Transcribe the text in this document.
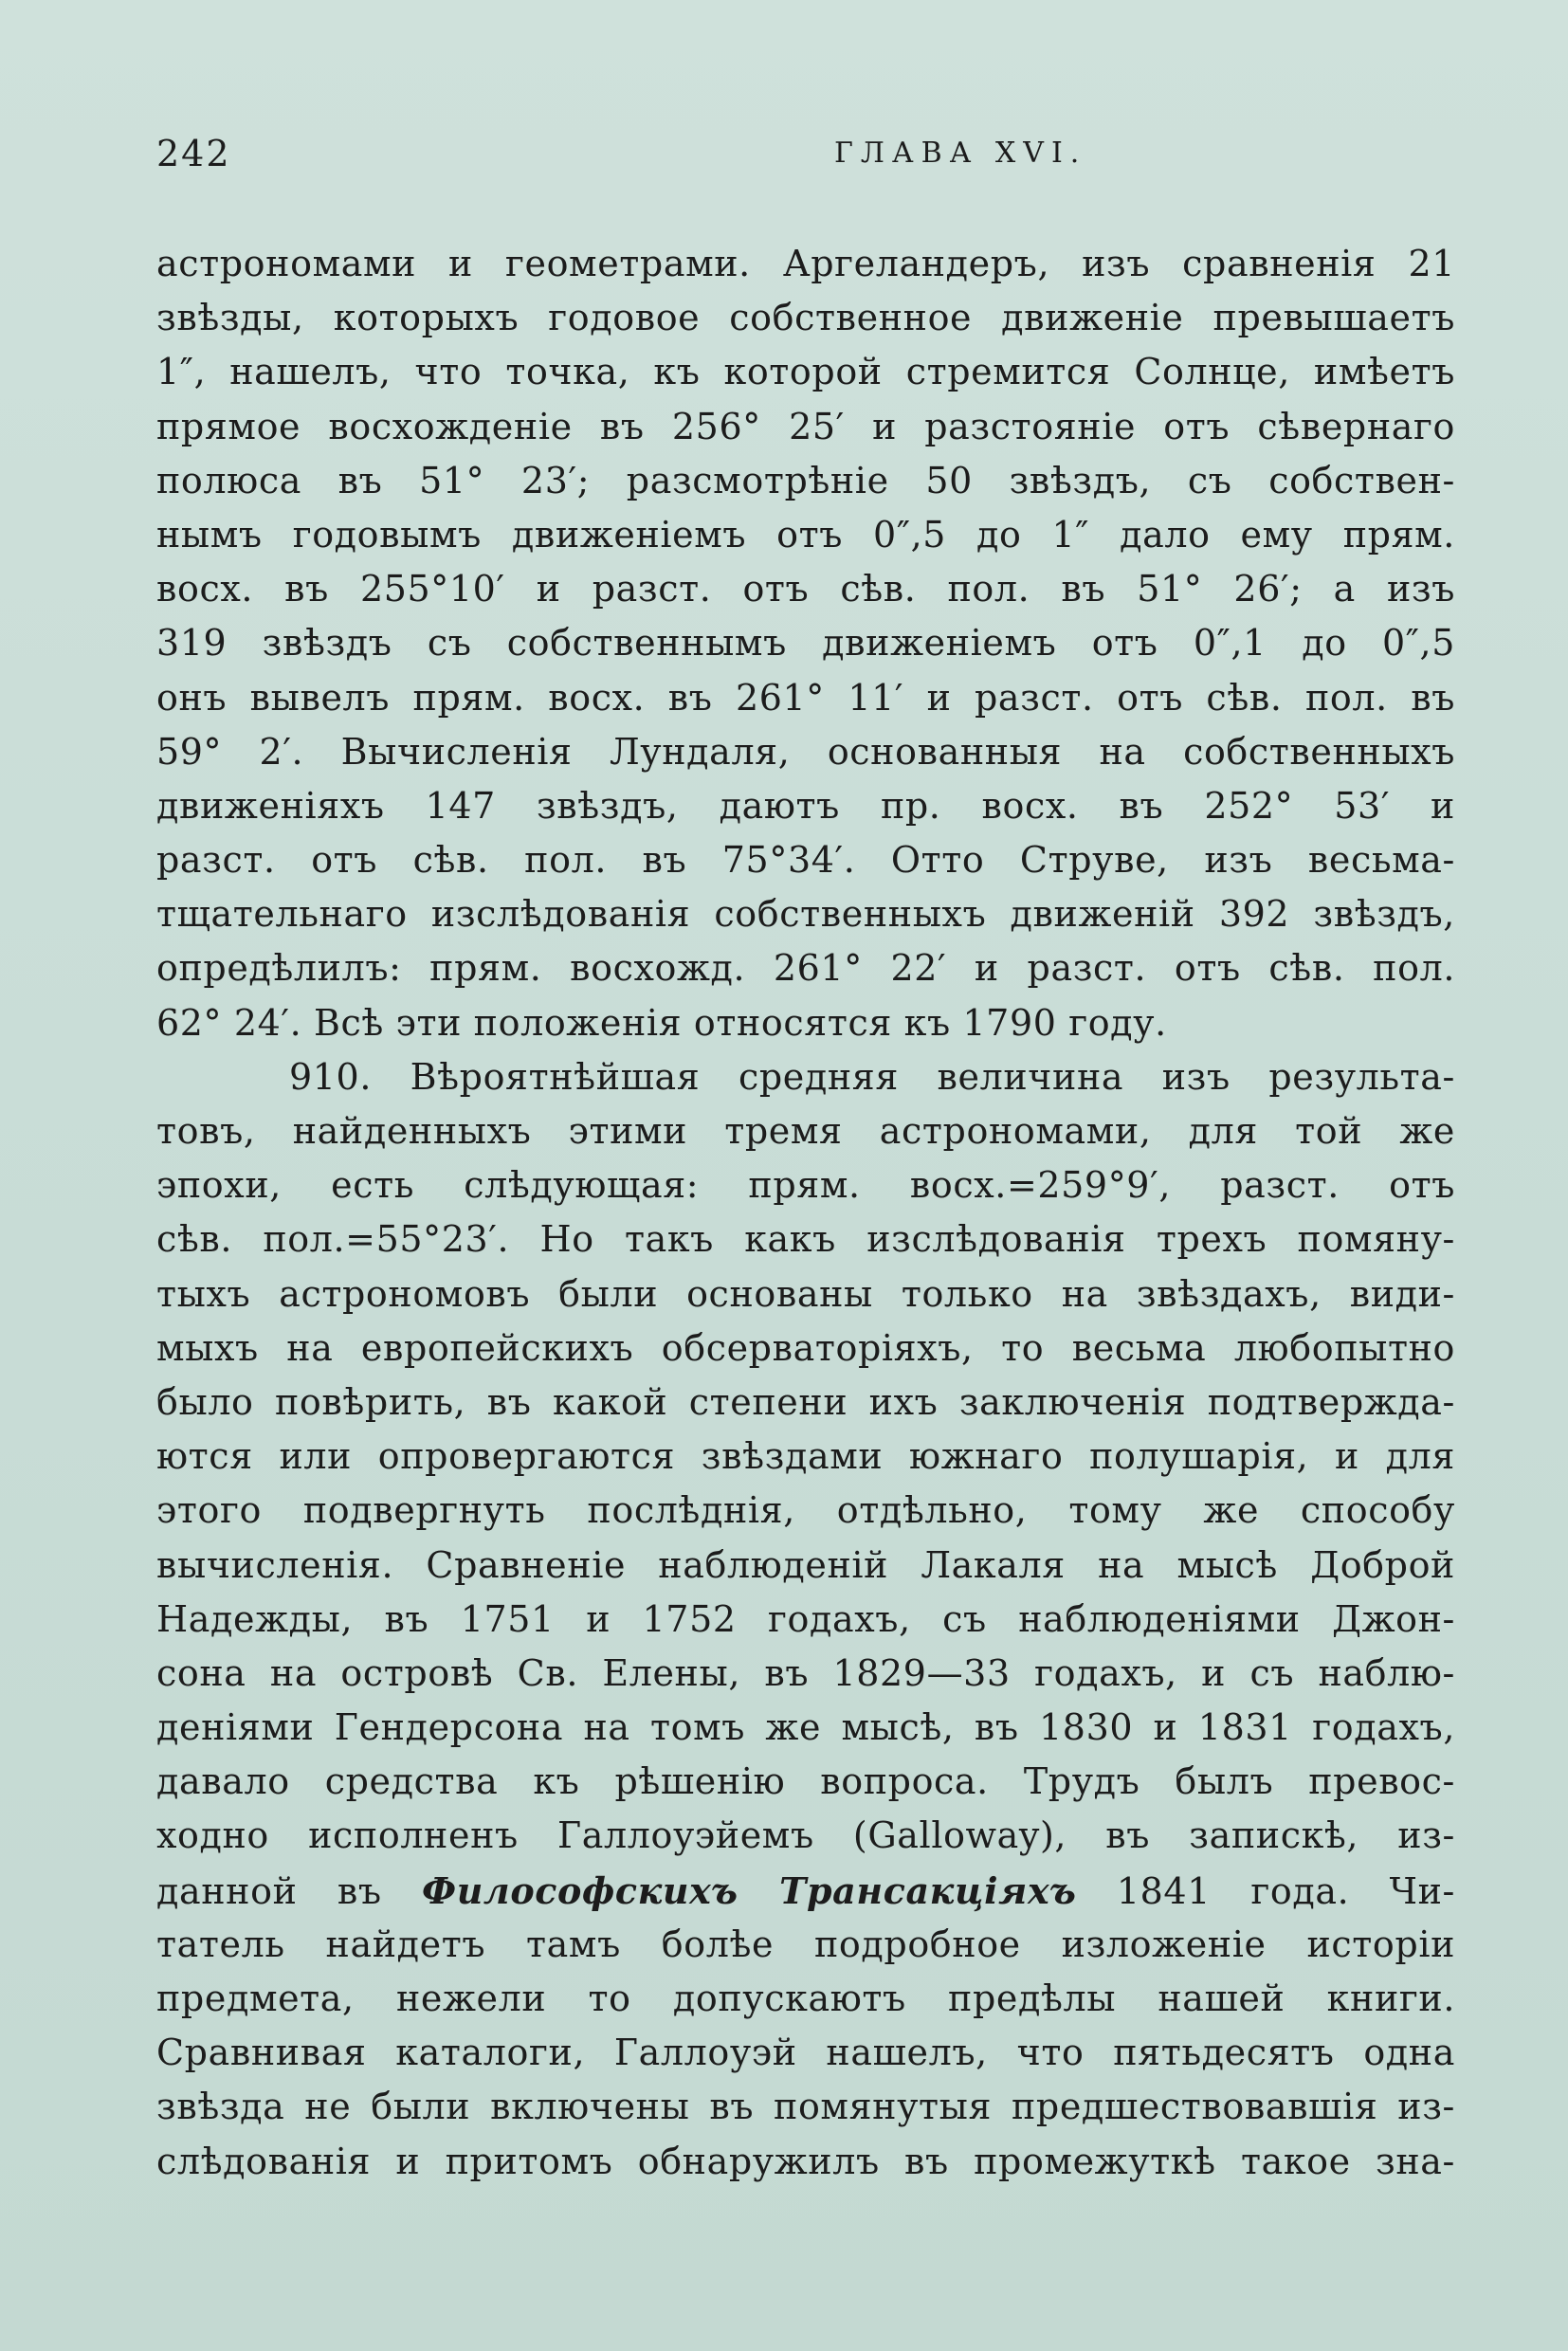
242	ГЛАВА XVI.
астрономами и геометрами. Аргеландеръ, изъ сравненія 21
звѣзды, которыхъ годовое собственное движеніе превышаетъ
1″, нашелъ, что точка, къ которой стремится Солнце, имѣетъ
прямое восхожденіе въ 256° 25′ и разстояніе отъ сѣвернаго
полюса въ 51° 23′; разсмотрѣніе 50 звѣздъ, съ собствен-
нымъ годовымъ движеніемъ отъ 0″,5 до 1″ дало ему прям.
восх. въ 255°10′ и разст. отъ сѣв. пол. въ 51° 26′; а изъ
319 звѣздъ съ собственнымъ движеніемъ отъ 0″,1 до 0″,5
онъ вывелъ прям. восх. въ 261° 11′ и разст. отъ сѣв. пол. въ
59° 2′. Вычисленія Лундаля, основанныя на собственныхъ
движеніяхъ 147 звѣздъ, даютъ пр. восх. въ 252° 53′ и
разст. отъ сѣв. пол. въ 75°34′. Отто Струве, изъ весьма-
тщательнаго изслѣдованія собственныхъ движеній 392 звѣздъ,
опредѣлилъ: прям. восхожд. 261° 22′ и разст. отъ сѣв. пол.
62° 24′. Всѣ эти положенія относятся къ 1790 году.
910. Вѣроятнѣйшая средняя величина изъ результа-
товъ, найденныхъ этими тремя астрономами, для той же
эпохи, есть слѣдующая: прям. восх.=259°9′, разст. отъ
сѣв. пол.=55°23′. Но такъ какъ изслѣдованія трехъ помяну-
тыхъ астрономовъ были основаны только на звѣздахъ, види-
мыхъ на европейскихъ обсерваторіяхъ, то весьма любопытно
было повѣрить, въ какой степени ихъ заключенія подтвержда-
ются или опровергаются звѣздами южнаго полушарія, и для
этого подвергнуть послѣднія, отдѣльно, тому же способу
вычисленія. Сравненіе наблюденій Лакаля на мысѣ Доброй
Надежды, въ 1751 и 1752 годахъ, съ наблюденіями Джон-
сона на островѣ Св. Елены, въ 1829—33 годахъ, и съ наблю-
деніями Гендерсона на томъ же мысѣ, въ 1830 и 1831 годахъ,
давало средства къ рѣшенію вопроса. Трудъ былъ превос-
ходно исполненъ Галлоуэйемъ (Galloway), въ запискѣ, из-
данной въ Философскихъ Трансакціяхъ 1841 года. Чи-
татель найдетъ тамъ болѣе подробное изложеніе исторіи
предмета, нежели то допускаютъ предѣлы нашей книги.
Сравнивая каталоги, Галлоуэй нашелъ, что пятьдесятъ одна
звѣзда не были включены въ помянутыя предшествовавшія из-
слѣдованія и притомъ обнаружилъ въ промежуткѣ такое зна-
